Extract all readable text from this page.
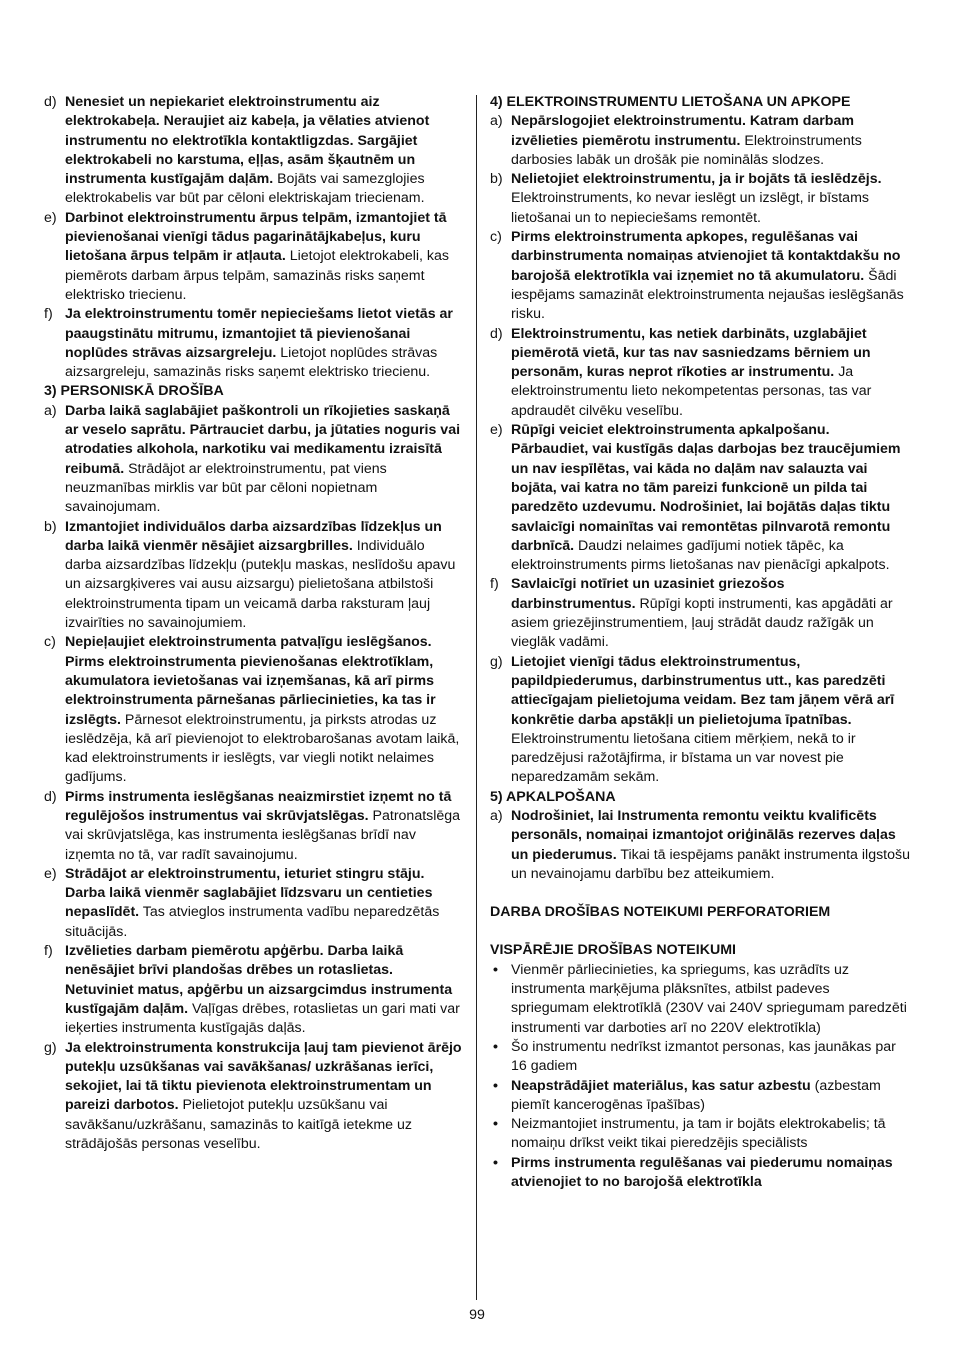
d) Nenesiet un nepiekariet elektroinstrumentu aiz elektrokabeļa. Neraujiet aiz kabeļa, ja vēlaties atvienot instrumentu no elektrotīkla kontaktligzdas. Sargājiet elektrokabeli no karstuma, eļļas, asām šķautnēm un instrumenta kustīgajām daļām. Bojāts vai samezglojies elektrokabelis var būt par cēloni elektriskajam triecienam.
e) Darbinot elektroinstrumentu ārpus telpām, izmantojiet tā pievienošanai vienīgi tādus pagarinātājkabeļus, kuru lietošana ārpus telpām ir atļauta. Lietojot elektrokabeli, kas piemērots darbam ārpus telpām, samazinās risks saņemt elektrisko triecienu.
f) Ja elektroinstrumentu tomēr nepieciešams lietot vietās ar paaugstinātu mitrumu, izmantojiet tā pievienošanai noplūdes strāvas aizsargreleju. Lietojot noplūdes strāvas aizsargreleju, samazinās risks saņemt elektrisko triecienu.
3) PERSONISKĀ DROŠĪBA
a) Darba laikā saglabājiet paškontroli un rīkojieties saskaņā ar veselo saprātu. Pārtrauciet darbu, ja jūtaties noguris vai atrodaties alkohola, narkotiku vai medikamentu izraisītā reibumā. Strādājot ar elektroinstrumentu, pat viens neuzmanības mirklis var būt par cēloni nopietnam savainojumam.
b) Izmantojiet individuālos darba aizsardzības līdzekļus un darba laikā vienmēr nēsājiet aizsargbrilles. Individuālo darba aizsardzības līdzekļu (putekļu maskas, neslīdošu apavu un aizsargķiveres vai ausu aizsargu) pielietošana atbilstoši elektroinstrumenta tipam un veicamā darba raksturam ļauj izvairīties no savainojumiem.
c) Nepieļaujiet elektroinstrumenta patvaļīgu ieslēgšanos. Pirms elektroinstrumenta pievienošanas elektrotīklam, akumulatora ievietošanas vai izņemšanas, kā arī pirms elektroinstrumenta pārnešanas pārliecinieties, ka tas ir izslēgts. Pārnesot elektroinstrumentu, ja pirksts atrodas uz ieslēdzēja, kā arī pievienojot to elektrobarošanas avotam laikā, kad elektroinstruments ir ieslēgts, var viegli notikt nelaimes gadījums.
d) Pirms instrumenta ieslēgšanas neaizmirstiet izņemt no tā regulējošos instrumentus vai skrūvjatslēgas. Patronatslēga vai skrūvjatslēga, kas instrumenta ieslēgšanas brīdī nav izņemta no tā, var radīt savainojumu.
e) Strādājot ar elektroinstrumentu, ieturiet stingru stāju. Darba laikā vienmēr saglabājiet līdzsvaru un centieties nepaslīdēt. Tas atvieglos instrumenta vadību neparedzētās situācijās.
f) Izvēlieties darbam piemērotu apģērbu. Darba laikā nenēsājiet brīvi plandošas drēbes un rotaslietas. Netuviniet matus, apģērbu un aizsargcimdus instrumenta kustīgajām daļām. Vaļīgas drēbes, rotaslietas un gari mati var ieķerties instrumenta kustīgajās daļās.
g) Ja elektroinstrumenta konstrukcija ļauj tam pievienot ārējo putekļu uzsūkšanas vai savākšanas/ uzkrāšanas ierīci, sekojiet, lai tā tiktu pievienota elektroinstrumentam un pareizi darbotos. Pielietojot putekļu uzsūkšanu vai savākšanu/uzkrāšanu, samazinās to kaitīgā ietekme uz strādājošās personas veselību.
4) ELEKTROINSTRUMENTU LIETOŠANA UN APKOPE
a) Nepārslogojiet elektroinstrumentu. Katram darbam izvēlieties piemērotu instrumentu. Elektroinstruments darbosies labāk un drošāk pie nominālās slodzes.
b) Nelietojiet elektroinstrumentu, ja ir bojāts tā ieslēdzējs. Elektroinstruments, ko nevar ieslēgt un izslēgt, ir bīstams lietošanai un to nepieciešams remontēt.
c) Pirms elektroinstrumenta apkopes, regulēšanas vai darbinstrumenta nomaiņas atvienojiet tā kontaktdakšu no barojošā elektrotīkla vai izņemiet no tā akumulatoru. Šādi iespējams samazināt elektroinstrumenta nejaušas ieslēgšanās risku.
d) Elektroinstrumentu, kas netiek darbināts, uzglabājiet piemērotā vietā, kur tas nav sasniedzams bērniem un personām, kuras neprot rīkoties ar instrumentu. Ja elektroinstrumentu lieto nekompetentas personas, tas var apdraudēt cilvēku veselību.
e) Rūpīgi veiciet elektroinstrumenta apkalpošanu. Pārbaudiet, vai kustīgās daļas darbojas bez traucējumiem un nav iespīlētas, vai kāda no daļām nav salauzta vai bojāta, vai katra no tām pareizi funkcionē un pilda tai paredzēto uzdevumu. Nodrošiniet, lai bojātās daļas tiktu savlaicīgi nomainītas vai remontētas pilnvarotā remontu darbnīcā. Daudzi nelaimes gadījumi notiek tāpēc, ka elektroinstruments pirms lietošanas nav pienācīgi apkalpots.
f) Savlaicīgi notīriet un uzasiniet griezošos darbinstrumentus. Rūpīgi kopti instrumenti, kas apgādāti ar asiem griezējinstrumentiem, ļauj strādāt daudz ražīgāk un vieglāk vadāmi.
g) Lietojiet vienīgi tādus elektroinstrumentus, papildpiederumus, darbinstrumentus utt., kas paredzēti attiecīgajam pielietojuma veidam. Bez tam jāņem vērā arī konkrētie darba apstākļi un pielietojuma īpatnības. Elektroinstrumentu lietošana citiem mērķiem, nekā to ir paredzējusi ražotājfirma, ir bīstama un var novest pie neparedzamām sekām.
5) APKALPOŠANA
a) Nodrošiniet, lai Instrumenta remontu veiktu kvalificēts personāls, nomaiņai izmantojot oriģinālās rezerves daļas un piederumus. Tikai tā iespējams panākt instrumenta ilgstošu un nevainojamu darbību bez atteikumiem.
DARBA DROŠĪBAS NOTEIKUMI PERFORATORIEM
VISPĀRĒJIE DROŠĪBAS NOTEIKUMI
• Vienmēr pārliecinieties, ka spriegums, kas uzrādīts uz instrumenta marķējuma plāksnītes, atbilst padeves spriegumam elektrotīklā (230V vai 240V spriegumam paredzēti instrumenti var darboties arī no 220V elektrotīkla)
• Šo instrumentu nedrīkst izmantot personas, kas jaunākas par 16 gadiem
• Neapstrādājiet materiālus, kas satur azbestu (azbestam piemīt kancerogēnas īpašības)
• Neizmantojiet instrumentu, ja tam ir bojāts elektrokabelis; tā nomaiņu drīkst veikt tikai pieredzējis speciālists
• Pirms instrumenta regulēšanas vai piederumu nomaiņas atvienojiet to no barojošā elektrotīkla
99
